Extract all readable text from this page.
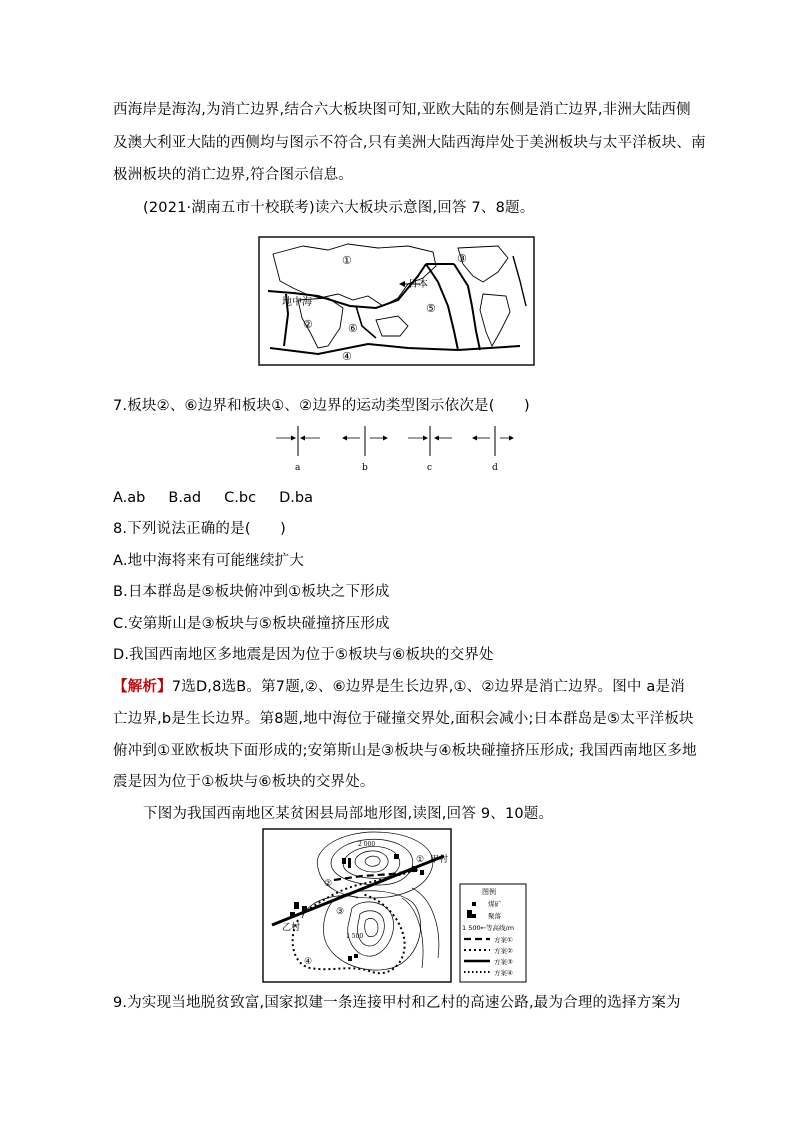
西海岸是海沟,为消亡边界,结合六大板块图可知,亚欧大陆的东侧是消亡边界,非洲大陆西侧
及澳大利亚大陆的西侧均与图示不符合,只有美洲大陆西海岸处于美洲板块与太平洋板块、南
极洲板块的消亡边界,符合图示信息。
(2021·湖南五市十校联考)读六大板块示意图,回答 7、8题。
①
②
③
④
⑤
⑥
地中海
日本
7.板块②、⑥边界和板块①、②边界的运动类型图示依次是(　　)
a	b	c	d
A.ab B.ad C.bc D.ba
8.下列说法正确的是(　　)
A.地中海将来有可能继续扩大
B.日本群岛是⑤板块俯冲到①板块之下形成
C.安第斯山是③板块与⑤板块碰撞挤压形成
D.我国西南地区多地震是因为位于⑤板块与⑥板块的交界处
【解析】7选D,8选B。第7题,②、⑥边界是生长边界,①、②边界是消亡边界。图中 a是消
亡边界,b是生长边界。第8题,地中海位于碰撞交界处,面积会减小;日本群岛是⑤太平洋板块
俯冲到①亚欧板块下面形成的;安第斯山是③板块与④板块碰撞挤压形成; 我国西南地区多地
震是因为位于①板块与⑥板块的交界处。
下图为我国西南地区某贫困县局部地形图,读图,回答 9、10题。
2 000
1 500
甲村
乙村
①
②
③
④
图例
煤矿
聚落
1 500←等高线/m
方案①
方案②
方案③
方案④
9.为实现当地脱贫致富,国家拟建一条连接甲村和乙村的高速公路,最为合理的选择方案为
